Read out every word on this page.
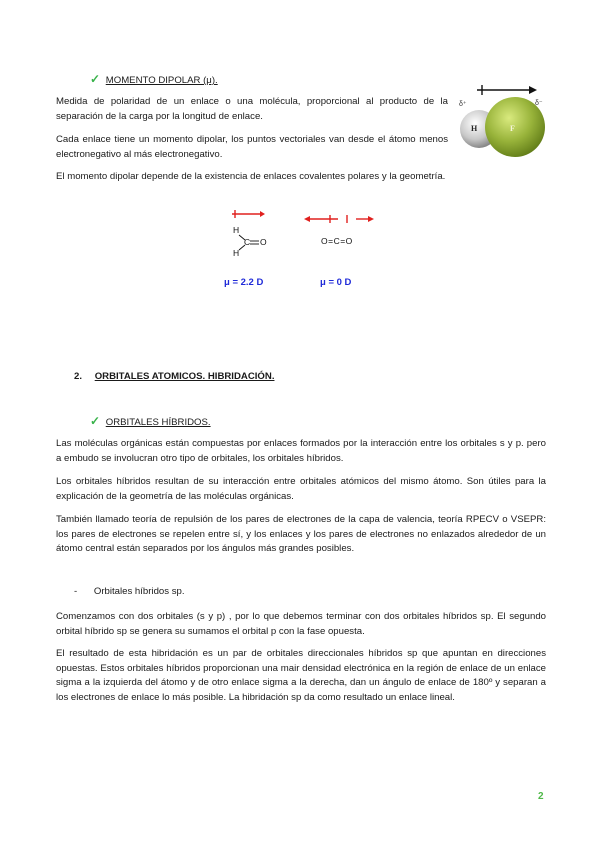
✓ MOMENTO DIPOLAR (μ).

Medida de polaridad de un enlace o una molécula, proporcional al producto de la separación de la carga por la longitud de enlace.

Cada enlace tiene un momento dipolar, los puntos vectoriales van desde el átomo menos electronegativo al más electronegativo.

El momento dipolar depende de la existencia de enlaces covalentes polares y la geometría.

δ⁺	δ⁻
H	F
H
H
C O
μ = 2.2 D
O=C=O
μ = 0 D
2. ORBITALES ATOMICOS. HIBRIDACIÓN.
✓ ORBITALES HÍBRIDOS.

Las moléculas orgánicas están compuestas por enlaces formados por la interacción entre los orbitales s y p. pero a embudo se involucran otro tipo de orbitales, los orbitales híbridos.

Los orbitales híbridos resultan de su interacción entre orbitales atómicos del mismo átomo. Son útiles para la explicación de la geometría de las moléculas orgánicas.

También llamado teoría de repulsión de los pares de electrones de la capa de valencia, teoría RPECV o VSEPR: los pares de electrones se repelen entre sí, y los enlaces y los pares de electrones no enlazados alrededor de un átomo central están separados por los ángulos más grandes posibles.

- Orbitales híbridos sp.

Comenzamos con dos orbitales (s y p) , por lo que debemos terminar con dos orbitales híbridos sp. El segundo orbital híbrido sp se genera su sumamos el orbital p con la fase opuesta.

El resultado de esta hibridación es un par de orbitales direccionales híbridos sp que apuntan en direcciones opuestas. Estos orbitales híbridos proporcionan una mair densidad electrónica en la región de enlace de un enlace sigma a la izquierda del átomo y de otro enlace sigma a la derecha, dan un ángulo de enlace de 180º y separan a los electrones de enlace lo más posible. La hibridación sp da como resultado un enlace lineal.

2
